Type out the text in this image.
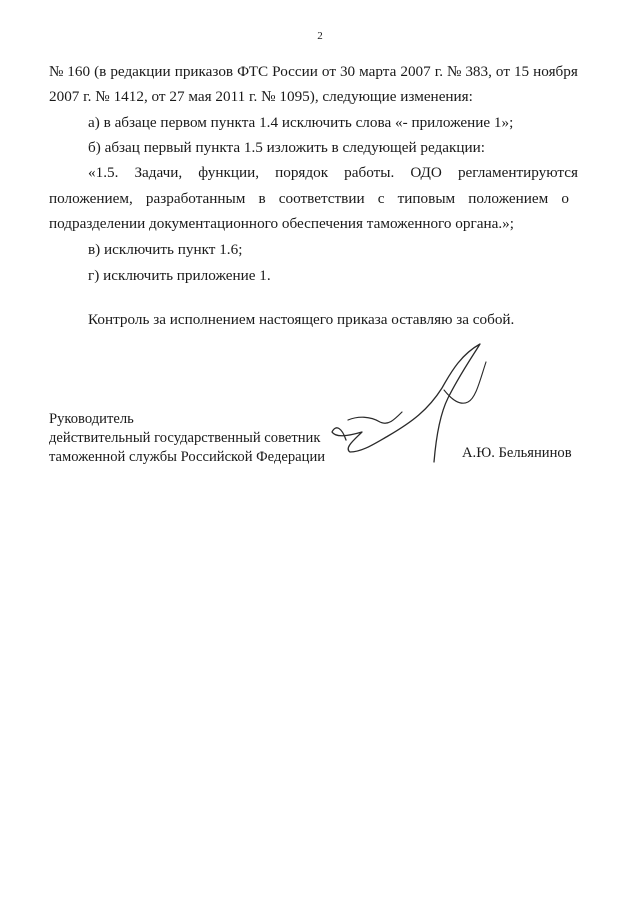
2
№ 160 (в редакции приказов ФТС России от 30 марта 2007 г. № 383, от 15 ноября
2007 г. № 1412, от 27 мая 2011 г. № 1095), следующие изменения:
а) в абзаце первом пункта 1.4 исключить слова «- приложение 1»;
б) абзац первый пункта 1.5 изложить в следующей редакции:
«1.5. Задачи, функции, порядок работы. ОДО регламентируются
положением, разработанным в соответствии с типовым положением о
подразделении документационного обеспечения таможенного органа.»;
в) исключить пункт 1.6;
г) исключить приложение 1.
Контроль за исполнением настоящего приказа оставляю за собой.
Руководитель
действительный государственный советник
таможенной службы Российской Федерации	А.Ю. Бельянинов
